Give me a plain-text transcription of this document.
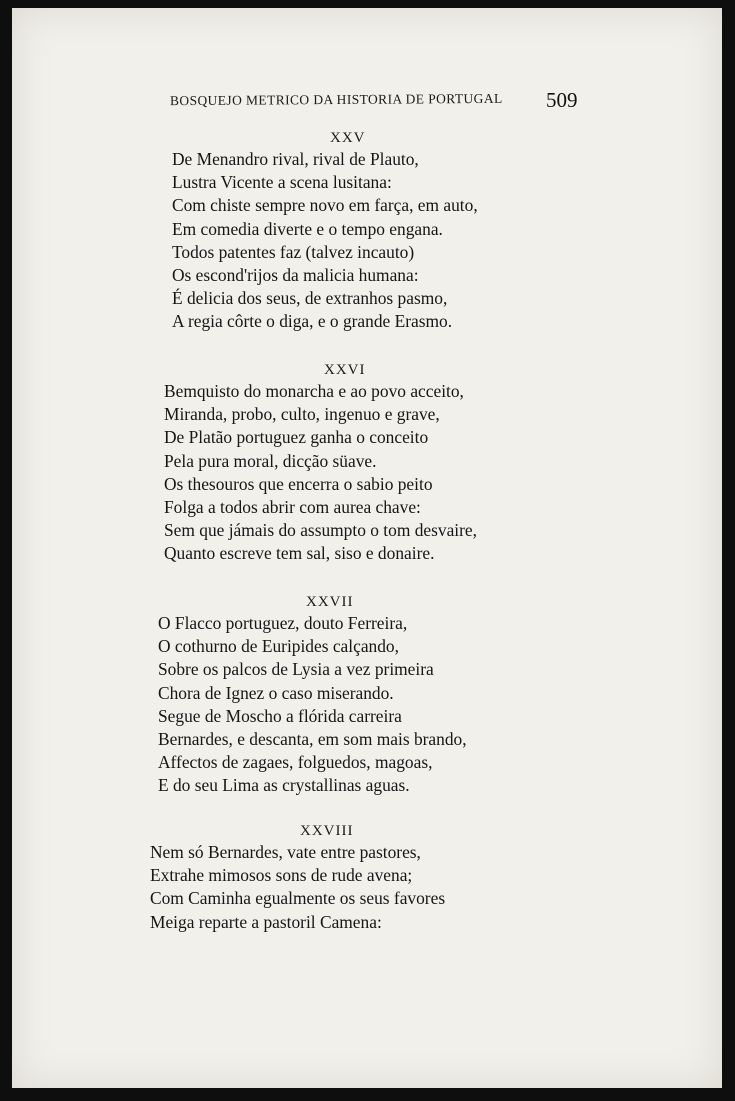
BOSQUEJO METRICO DA HISTORIA DE PORTUGAL 509
XXV
De Menandro rival, rival de Plauto,
Lustra Vicente a scena lusitana:
Com chiste sempre novo em farça, em auto,
Em comedia diverte e o tempo engana.
Todos patentes faz (talvez incauto)
Os escond'rijos da malicia humana:
É delicia dos seus, de extranhos pasmo,
A regia côrte o diga, e o grande Erasmo.
XXVI
Bemquisto do monarcha e ao povo acceito,
Miranda, probo, culto, ingenuo e grave,
De Platão portuguez ganha o conceito
Pela pura moral, dicção süave.
Os thesouros que encerra o sabio peito
Folga a todos abrir com aurea chave:
Sem que jámais do assumpto o tom desvaire,
Quanto escreve tem sal, siso e donaire.
XXVII
O Flacco portuguez, douto Ferreira,
O cothurno de Euripides calçando,
Sobre os palcos de Lysia a vez primeira
Chora de Ignez o caso miserando.
Segue de Moscho a flórida carreira
Bernardes, e descanta, em som mais brando,
Affectos de zagaes, folguedos, magoas,
E do seu Lima as crystallinas aguas.
XXVIII
Nem só Bernardes, vate entre pastores,
Extrahe mimosos sons de rude avena;
Com Caminha egualmente os seus favores
Meiga reparte a pastoril Camena:
